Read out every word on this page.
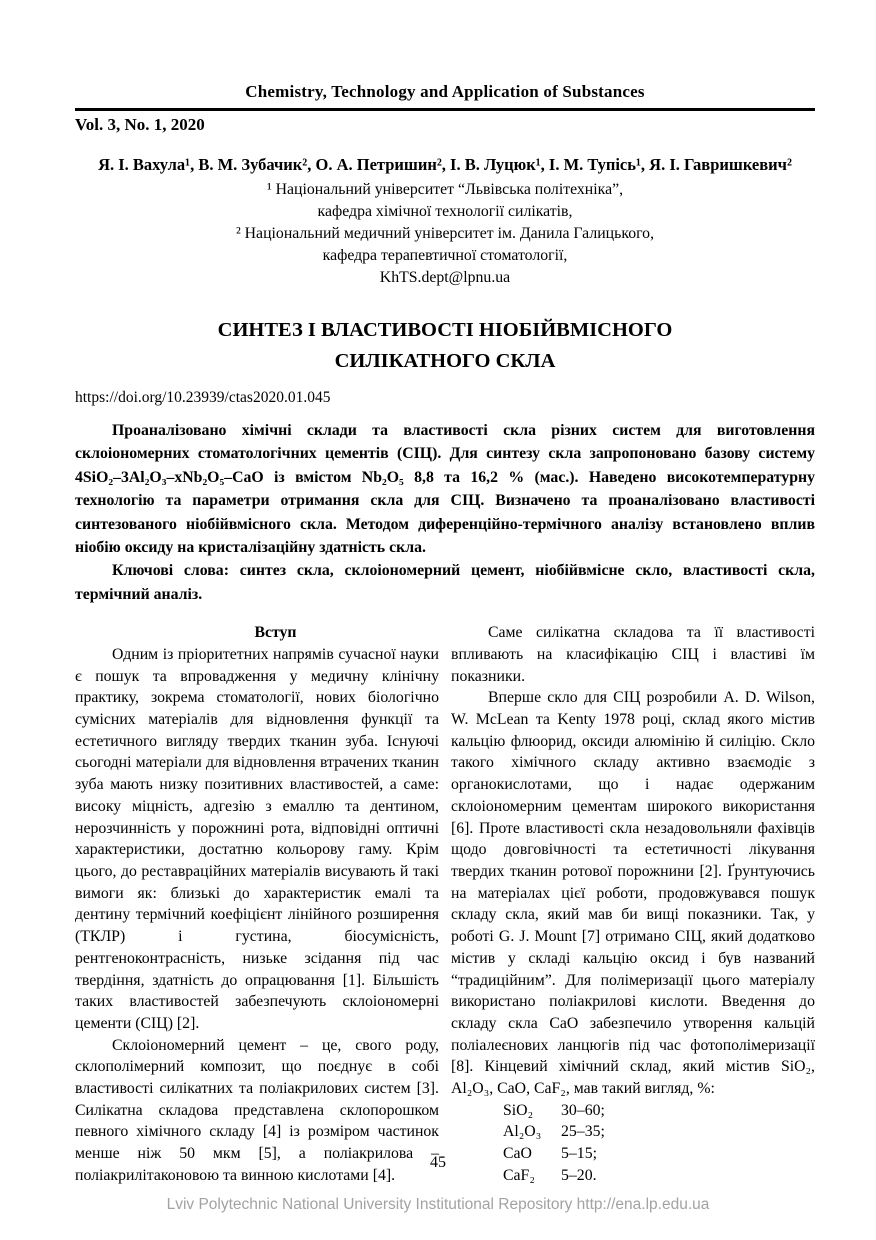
Chemistry, Technology and Application of Substances
Vol. 3, No. 1, 2020
Я. І. Вахула¹, В. М. Зубачик², О. А. Петришин², І. В. Луцюк¹, І. М. Тупісь¹, Я. І. Гавришкевич²
¹ Національний університет “Львівська політехніка”,
кафедра хімічної технології силікатів,
² Національний медичний університет ім. Данила Галицького,
кафедра терапевтичної стоматології,
KhTS.dept@lpnu.ua
СИНТЕЗ І ВЛАСТИВОСТІ НІОБІЙВМІСНОГО
СИЛІКАТНОГО СКЛА
https://doi.org/10.23939/ctas2020.01.045

Проаналізовано хімічні склади та властивості скла різних систем для виготовлення склоіономерних стоматологічних цементів (СІЦ). Для синтезу скла запропоновано базову систему 4SiO₂–3Al₂O₃–xNb₂O₅–CaO із вмістом Nb₂O₅ 8,8 та 16,2 % (мас.). Наведено високотемпературну технологію та параметри отримання скла для СІЦ. Визначено та проаналізовано властивості синтезованого ніобійвмісного скла. Методом диференційно-термічного аналізу встановлено вплив ніобію оксиду на кристалізаційну здатність скла.

Ключові слова: синтез скла, склоіономерний цемент, ніобійвмісне скло, властивості скла, термічний аналіз.

Вступ

Одним із пріоритетних напрямів сучасної науки є пошук та впровадження у медичну клінічну практику, зокрема стоматології, нових біологічно сумісних матеріалів для відновлення функції та естетичного вигляду твердих тканин зуба. Існуючі сьогодні матеріали для відновлення втрачених тканин зуба мають низку позитивних властивостей, а саме: високу міцність, адгезію з емаллю та дентином, нерозчинність у порожнині рота, відповідні оптичні характеристики, достатню кольорову гаму. Крім цього, до реставраційних матеріалів висувають й такі вимоги як: близькі до характеристик емалі та дентину термічний коефіцієнт лінійного розширення (ТКЛР) і густина, біосумісність, рентгеноконтрасність, низьке зсідання під час твердіння, здатність до опрацювання [1]. Більшість таких властивостей забезпечують склоіономерні цементи (СІЦ) [2].

Склоіономерний цемент – це, свого роду, склополімерний композит, що поєднує в собі властивості силікатних та поліакрилових систем [3]. Силікатна складова представлена склопорошком певного хімічного складу [4] із розміром частинок менше ніж 50 мкм [5], а поліакрилова – поліакрилітаконовою та винною кислотами [4].

Саме силікатна складова та її властивості впливають на класифікацію СІЦ і властиві їм показники.

Вперше скло для СІЦ розробили A. D. Wilson, W. McLean та Kenty 1978 році, склад якого містив кальцію флюорид, оксиди алюмінію й силіцію. Скло такого хімічного складу активно взаємодіє з органокислотами, що і надає одержаним склоіономерним цементам широкого використання [6]. Проте властивості скла незадовольняли фахівців щодо довговічності та естетичності лікування твердих тканин ротової порожнини [2]. Ґрунтуючись на матеріалах цієї роботи, продовжувався пошук складу скла, який мав би вищі показники. Так, у роботі G. J. Mount [7] отримано СІЦ, який додатково містив у складі кальцію оксид і був названий “традиційним”. Для полімеризації цього матеріалу використано поліакрилові кислоти. Введення до складу скла CaO забезпечило утворення кальцій поліалеєнових ланцюгів під час фотополімеризації [8]. Кінцевий хімічний склад, який містив SiO₂, Al₂O₃, CaO, CaF₂, мав такий вигляд, %:

SiO₂	30–60;
Al₂O₃	25–35;
CaO	5–15;
CaF₂	5–20.
45
Lviv Polytechnic National University Institutional Repository http://ena.lp.edu.ua
